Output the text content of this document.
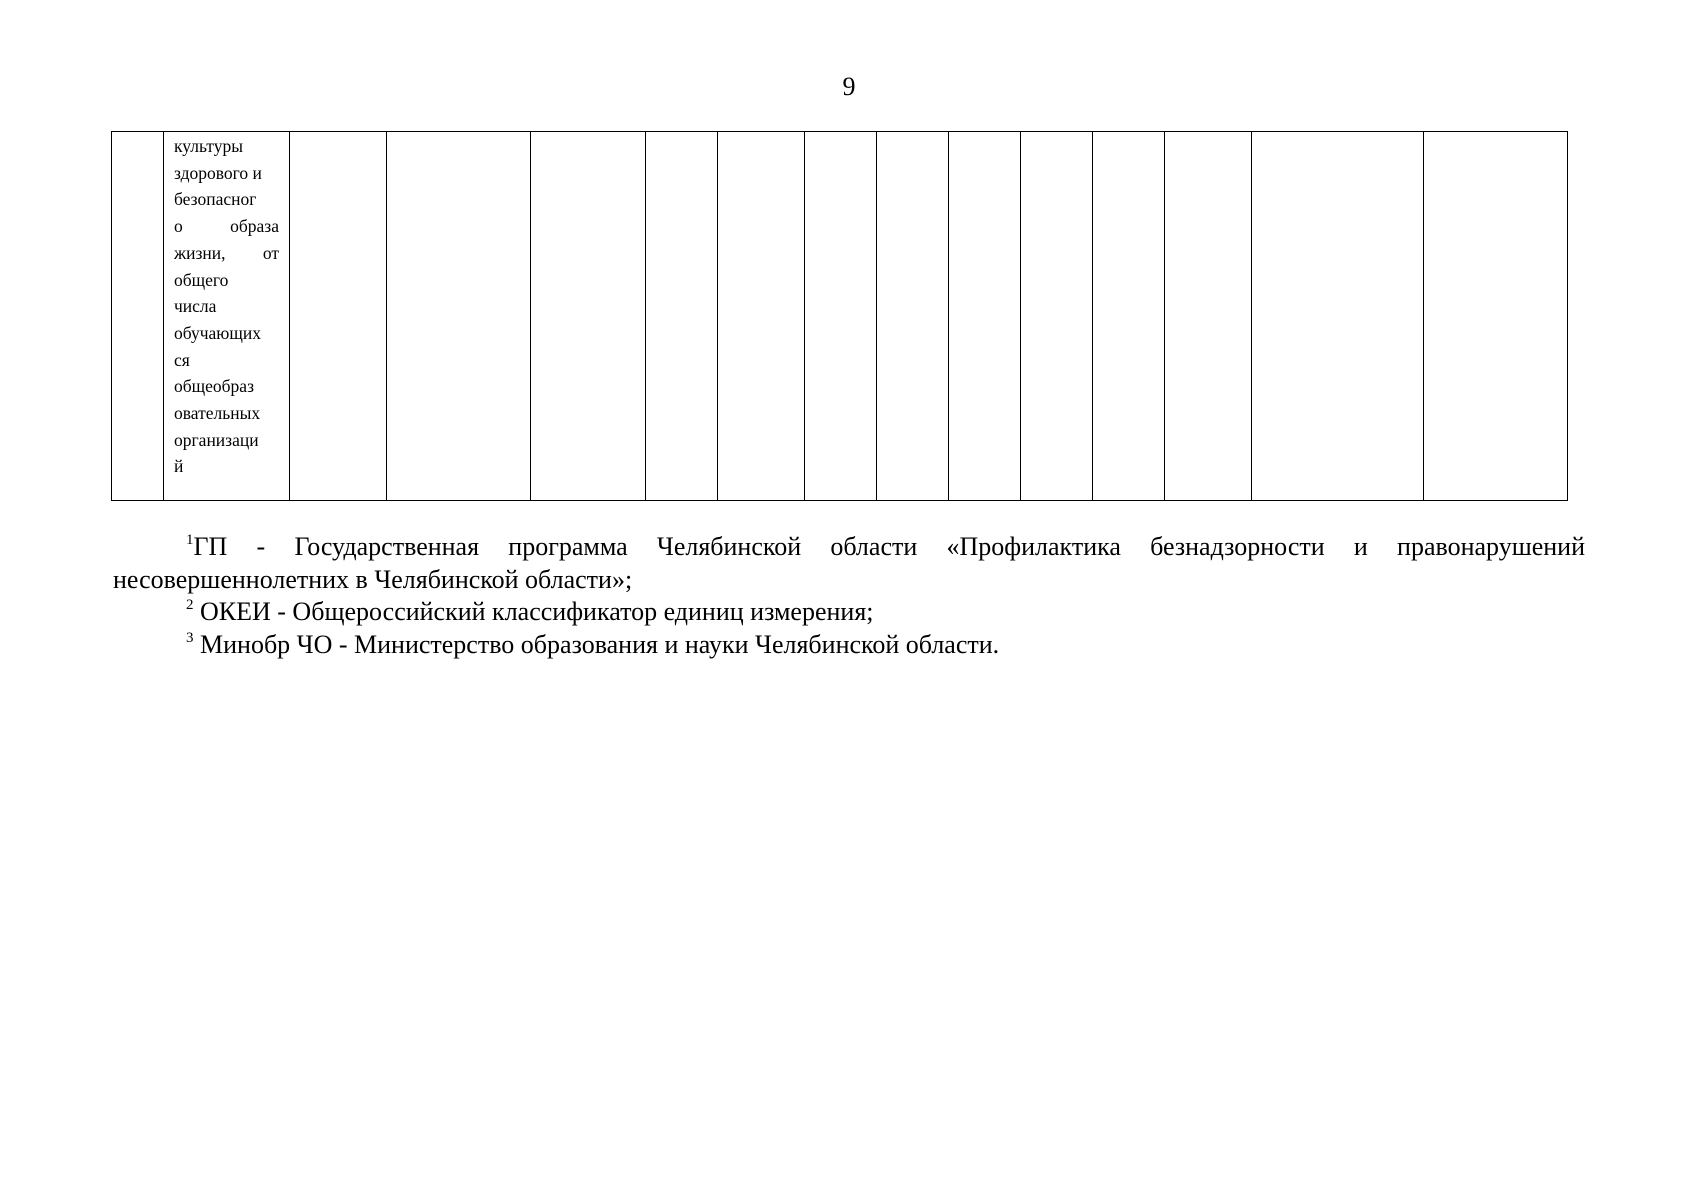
9

культуры
здорового и
безопасног
о	образа
жизни, от
общего
числа
обучающих
ся
общеобраз
овательных
организаци
й

$^1$ГП - Государственная программа Челябинской области «Профилактика безнадзорности и правонарушений несовершеннолетних в Челябинской области»;

$^2$ ОКЕИ - Общероссийский классификатор единиц измерения;

$^3$ Минобр ЧО - Министерство образования и науки Челябинской области.
